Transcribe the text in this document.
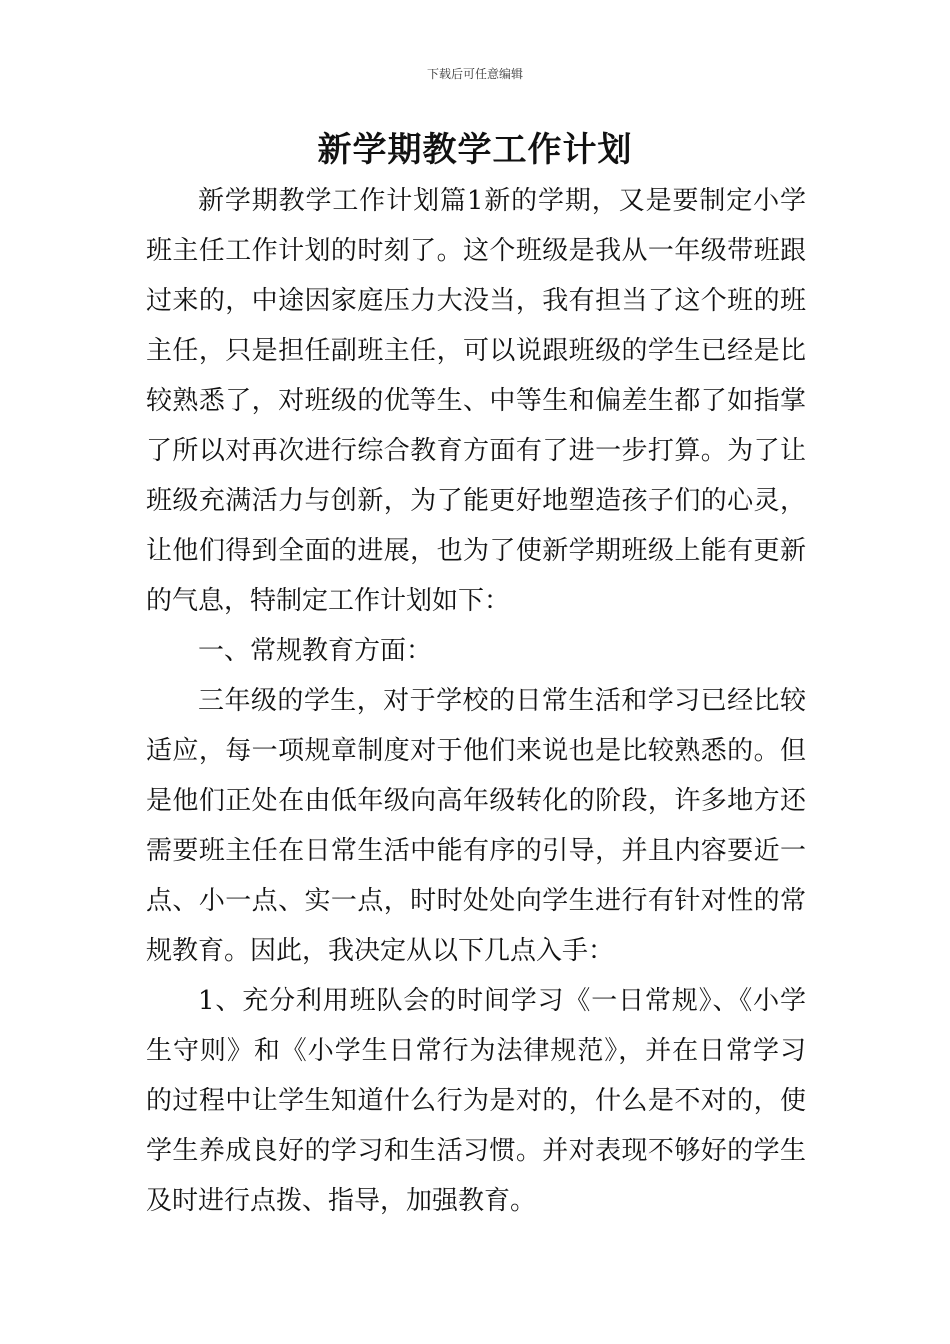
下载后可任意编辑
新学期教学工作计划

新学期教学工作计划篇1新的学期，又是要制定小学班主任工作计划的时刻了。这个班级是我从一年级带班跟过来的，中途因家庭压力大没当，我有担当了这个班的班主任，只是担任副班主任，可以说跟班级的学生已经是比较熟悉了，对班级的优等生、中等生和偏差生都了如指掌了所以对再次进行综合教育方面有了进一步打算。为了让班级充满活力与创新，为了能更好地塑造孩子们的心灵，让他们得到全面的进展，也为了使新学期班级上能有更新的气息，特制定工作计划如下：

一、常规教育方面：

三年级的学生，对于学校的日常生活和学习已经比较适应，每一项规章制度对于他们来说也是比较熟悉的。但是他们正处在由低年级向高年级转化的阶段，许多地方还需要班主任在日常生活中能有序的引导，并且内容要近一点、小一点、实一点，时时处处向学生进行有针对性的常规教育。因此，我决定从以下几点入手：

1、充分利用班队会的时间学习《一日常规》、《小学生守则》和《小学生日常行为法律规范》，并在日常学习的过程中让学生知道什么行为是对的，什么是不对的，使学生养成良好的学习和生活习惯。并对表现不够好的学生及时进行点拨、指导，加强教育。
